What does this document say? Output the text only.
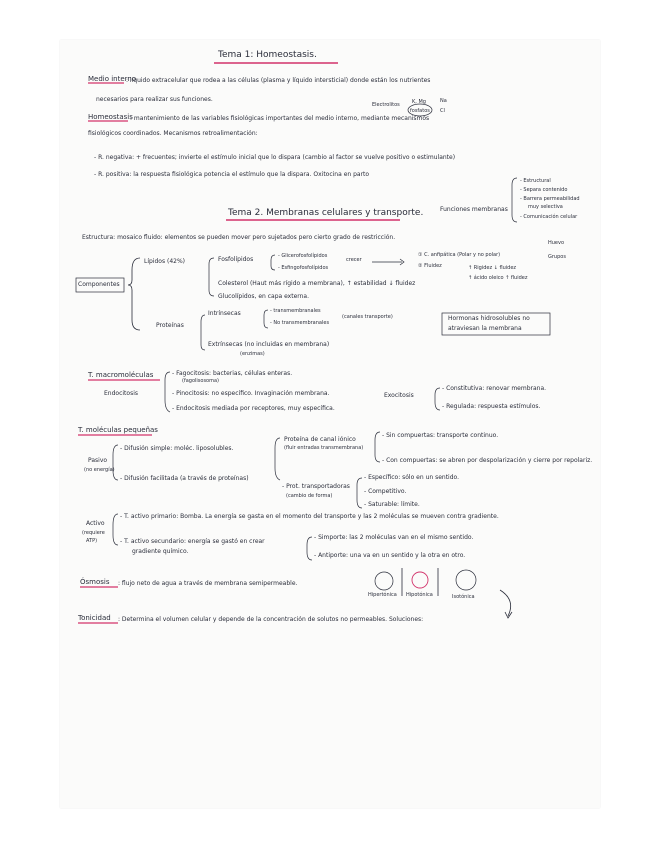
Tema 1: Homeostasis.
Medio interno
: líquido extracelular que rodea a las células (plasma y líquido intersticial) donde están los nutrientes
necesarios para realizar sus funciones.
Electrolitos K, Mg
fosfatos
Na
Cl
Homeostasis
: mantenimiento de las variables fisiológicas importantes del medio interno, mediante mecanismos
fisiológicos coordinados. Mecanismos retroalimentación:
- R. negativa: + frecuentes; invierte el estímulo inicial que lo dispara (cambio al factor se vuelve positivo o estimulante)
- R. positiva: la respuesta fisiológica potencia el estímulo que la dispara. Oxitocina en parto
Funciones membranas
- Estructural
- Separa contenido
- Barrera permeabilidad
muy selectiva
- Comunicación celular
Tema 2. Membranas celulares y transporte.
Estructura: mosaico fluido: elementos se pueden mover pero sujetados pero cierto grado de restricción.
Componentes
Lípidos (42%)	Fosfolípidos	- Glicerofosfolípidos
- Esfingofosfolípidos
crecer
① C. anfipática (Polar y no polar)
② Fluidez	↑ Rigidez ↓ fluidez
↑ ácido oleico ↑ fluidez
Huevo
Grupos
Colesterol (Haut más rígido a membrana), ↑ estabilidad ↓ fluidez
Glucolípidos, en capa externa.
Proteínas
Intrínsecas	- transmembranales
- No transmembranales
(canales transporte)
Extrínsecas (no incluidas en membrana)
(enzimas)
Hormonas hidrosolubles no
atraviesan la membrana
T. macromoléculas
Endocitosis
- Fagocitosis: bacterias, células enteras.
(fagolisosoma)
- Pinocitosis: no específico. Invaginación membrana.
- Endocitosis mediada por receptores, muy específica.
Exocitosis
- Constitutiva: renovar membrana.
- Regulada: respuesta estímulos.
T. moléculas pequeñas
Pasivo
(no energía)
- Difusión simple: moléc. liposolubles.
- Difusión facilitada (a través de proteínas)
Proteína de canal iónico
(fluir entradas transmembrana)
- Sin compuertas: transporte continuo.
- Con compuertas: se abren por despolarización y cierre por repolariz.
- Prot. transportadoras
(cambio de forma)
- Específico: sólo en un sentido.
- Competitivo.
- Saturable: límite.
Activo
(requiere
ATP)
- T. activo primario: Bomba. La energía se gasta en el momento del transporte y las 2 moléculas se mueven contra gradiente.
- T. activo secundario: energía se gastó en crear
gradiente químico.
- Simporte: las 2 moléculas van en el mismo sentido.
- Antiporte: una va en un sentido y la otra en otro.
Ósmosis : flujo neto de agua a través de membrana semipermeable.
Hipertónica Hipotónica	Isotónica
Tonicidad : Determina el volumen celular y depende de la concentración de solutos no permeables. Soluciones:
